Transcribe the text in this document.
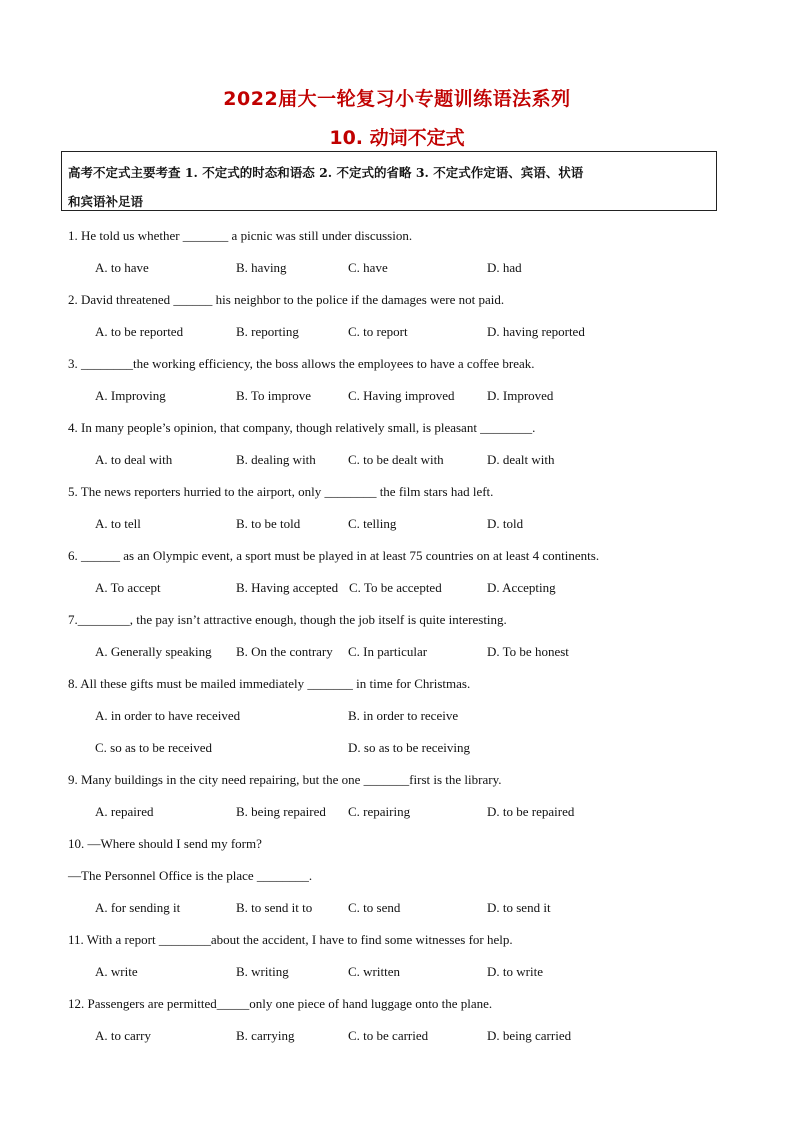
2022届大一轮复习小专题训练语法系列
10. 动词不定式
高考不定式主要考查 1. 不定式的时态和语态 2. 不定式的省略 3. 不定式作定语、宾语、状语
和宾语补足语
1. He told us whether _______ a picnic was still under discussion.
A. to have	B. having	C. have	D. had
2. David threatened ______ his neighbor to the police if the damages were not paid.
A. to be reported	B. reporting	C. to report	D. having reported
3. ________the working efficiency, the boss allows the employees to have a coffee break.
A. Improving	B. To improve	C. Having improved D. Improved
4. In many people’s opinion, that company, though relatively small, is pleasant ________.
A. to deal with	B. dealing with C. to be dealt with	D. dealt with
5. The news reporters hurried to the airport, only ________ the film stars had left.
A. to tell	B. to be told	C. telling	D. told
6. ______ as an Olympic event, a sport must be played in at least 75 countries on at least 4 continents.
A. To accept	B. Having accepted C. To be accepted	D. Accepting
7.________, the pay isn’t attractive enough, though the job itself is quite interesting.
A. Generally speaking B. On the contrary C. In particular	D. To be honest
8. All these gifts must be mailed immediately _______ in time for Christmas.
A. in order to have received	B. in order to receive
C. so as to be received	D. so as to be receiving
9. Many buildings in the city need repairing, but the one _______first is the library.
A. repaired	B. being repaired C. repairing	D. to be repaired
10. —Where should I send my form?
—The Personnel Office is the place ________.
A. for sending it	B. to send it to	C. to send	D. to send it
11. With a report ________about the accident, I have to find some witnesses for help.
A. write	B. writing	C. written	D. to write
12. Passengers are permitted_____only one piece of hand luggage onto the plane.
A. to carry	B. carrying	C. to be carried	D. being carried
